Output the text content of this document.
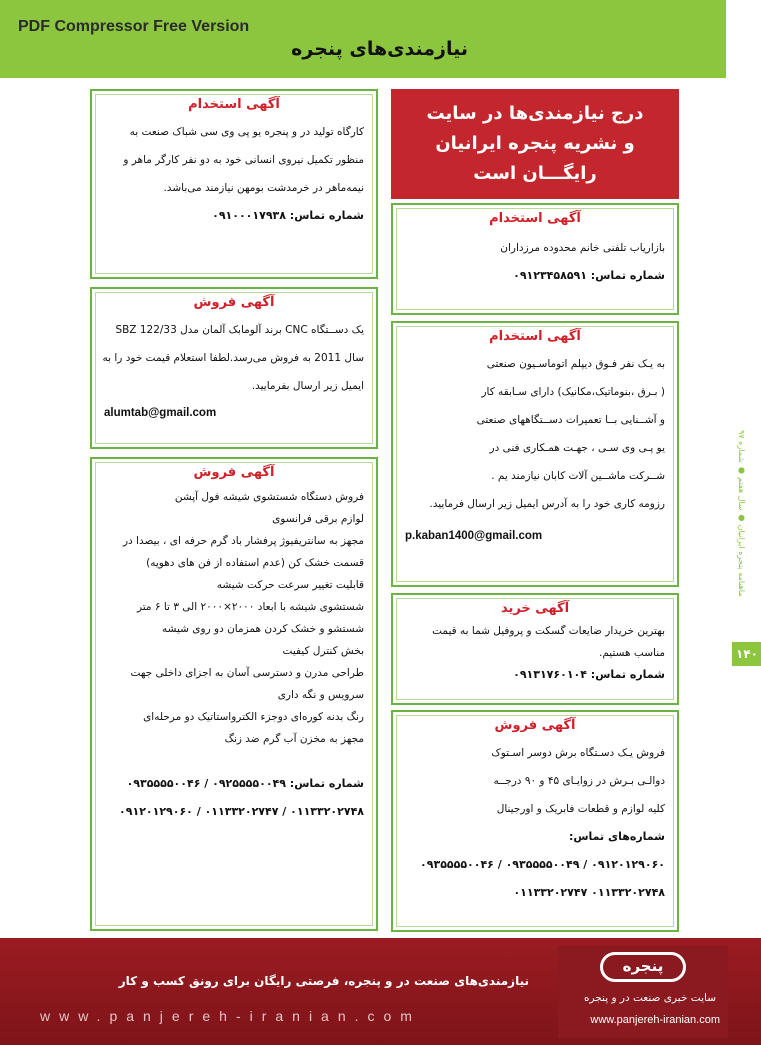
PDF Compressor Free Version
نیازمندی‌های پنجره
آگهی استخدام
کارگاه تولید در و پنجره یو پی وی سی شباک صنعت به
منظور تکمیل نیروی انسانی خود به دو نفر کارگر ماهر و
نیمه‌ماهر در خرمدشت بومهن نیازمند می‌باشد.
شماره تماس: ۰۹۱۰۰۰۱۷۹۳۸
آگهی فروش
یک دســتگاه CNC برند آلومابک آلمان مدل SBZ 122/33
سال 2011 به فروش می‌رسد.لطفا استعلام قیمت خود را به
ایمیل زیر ارسال بفرمایید.
alumtab@gmail.com
آگهی فروش
فروش دستگاه شستشوی شیشه فول آپشن
لوازم برقی فرانسوی
مجهز به سانتریفیوژ پرفشار باد گرم حرفه ای ، بیصدا در
قسمت خشک کن (عدم استفاده از فن های دهویه)
قابلیت تغییر سرعت حرکت شیشه
شستشوی شیشه با ابعاد ۲۰۰۰×۲۰۰۰ الی ۳ تا ۶ متر
شستشو و خشک کردن همزمان دو روی شیشه
بخش کنترل کیفیت
طراحی مدرن و دسترسی آسان به اجزای داخلی جهت
سرویس و نگه داری
رنگ بدنه کوره‌ای دوجزء الکترواستاتیک دو مرحله‌ای
مجهز به مخزن آب گرم ضد زنگ
شماره تماس: ۰۹۲۵۵۵۵۰۰۴۹ / ۰۹۳۵۵۵۵۰۰۴۶
۰۱۱۳۳۲۰۲۷۴۸ / ۰۱۱۳۳۲۰۲۷۴۷ / ۰۹۱۲۰۱۲۹۰۶۰
درج نیازمندی‌ها در سایت
و نشریه پنجره ایرانیان
رایگـــان است
آگهی استخدام
بازاریاب تلفنی خانم محدوده مرزداران
شماره تماس: ۰۹۱۲۳۴۵۸۵۹۱
آگهی استخدام
به یـک نفر فـوق دیپلم اتوماسـیون صنعتی
( بـرق ،بنوماتیک،مکانیک) دارای سـابقه کار
و آشــنایی بــا تعمیرات دســتگاههای صنعتی
یو پـی وی سـی ، جهـت همـکاری فنی در
شــرکت ماشــین آلات کابان نیازمند یم .
رزومه کاری خود را به آدرس ایمیل زیر ارسال فرمایید.
p.kaban1400@gmail.com
آگهی خرید
بهترین خریدار ضایعات گسکت و پروفیل شما به قیمت
مناسب هستیم.
شماره تماس: ۰۹۱۳۱۷۶۰۱۰۴
آگهی فروش
فروش یـک دسـتگاه برش دوسر اسـتوک
دوالـی بـرش در زوایـای ۴۵ و ۹۰ درجــه
کلیه لوازم و قطعات فابریک و اورجینال
شماره‌های تماس:
۰۹۱۲۰۱۲۹۰۶۰ / ۰۹۳۵۵۵۵۰۰۴۹ / ۰۹۳۵۵۵۵۰۰۴۶
۰۱۱۳۳۲۰۲۷۴۸ ۰۱۱۳۳۲۰۲۷۴۷
ماهنامه پنجره ایرانیان ● سال هفتم ● شماره ۹۷
۱۴۰
نیازمندی‌های صنعت در و پنجره، فرصتی رایگان برای رونق کسب و کار
www.panjereh-iranian.com
پنجره
سایت خبری صنعت در و پنجره
www.panjereh-iranian.com
